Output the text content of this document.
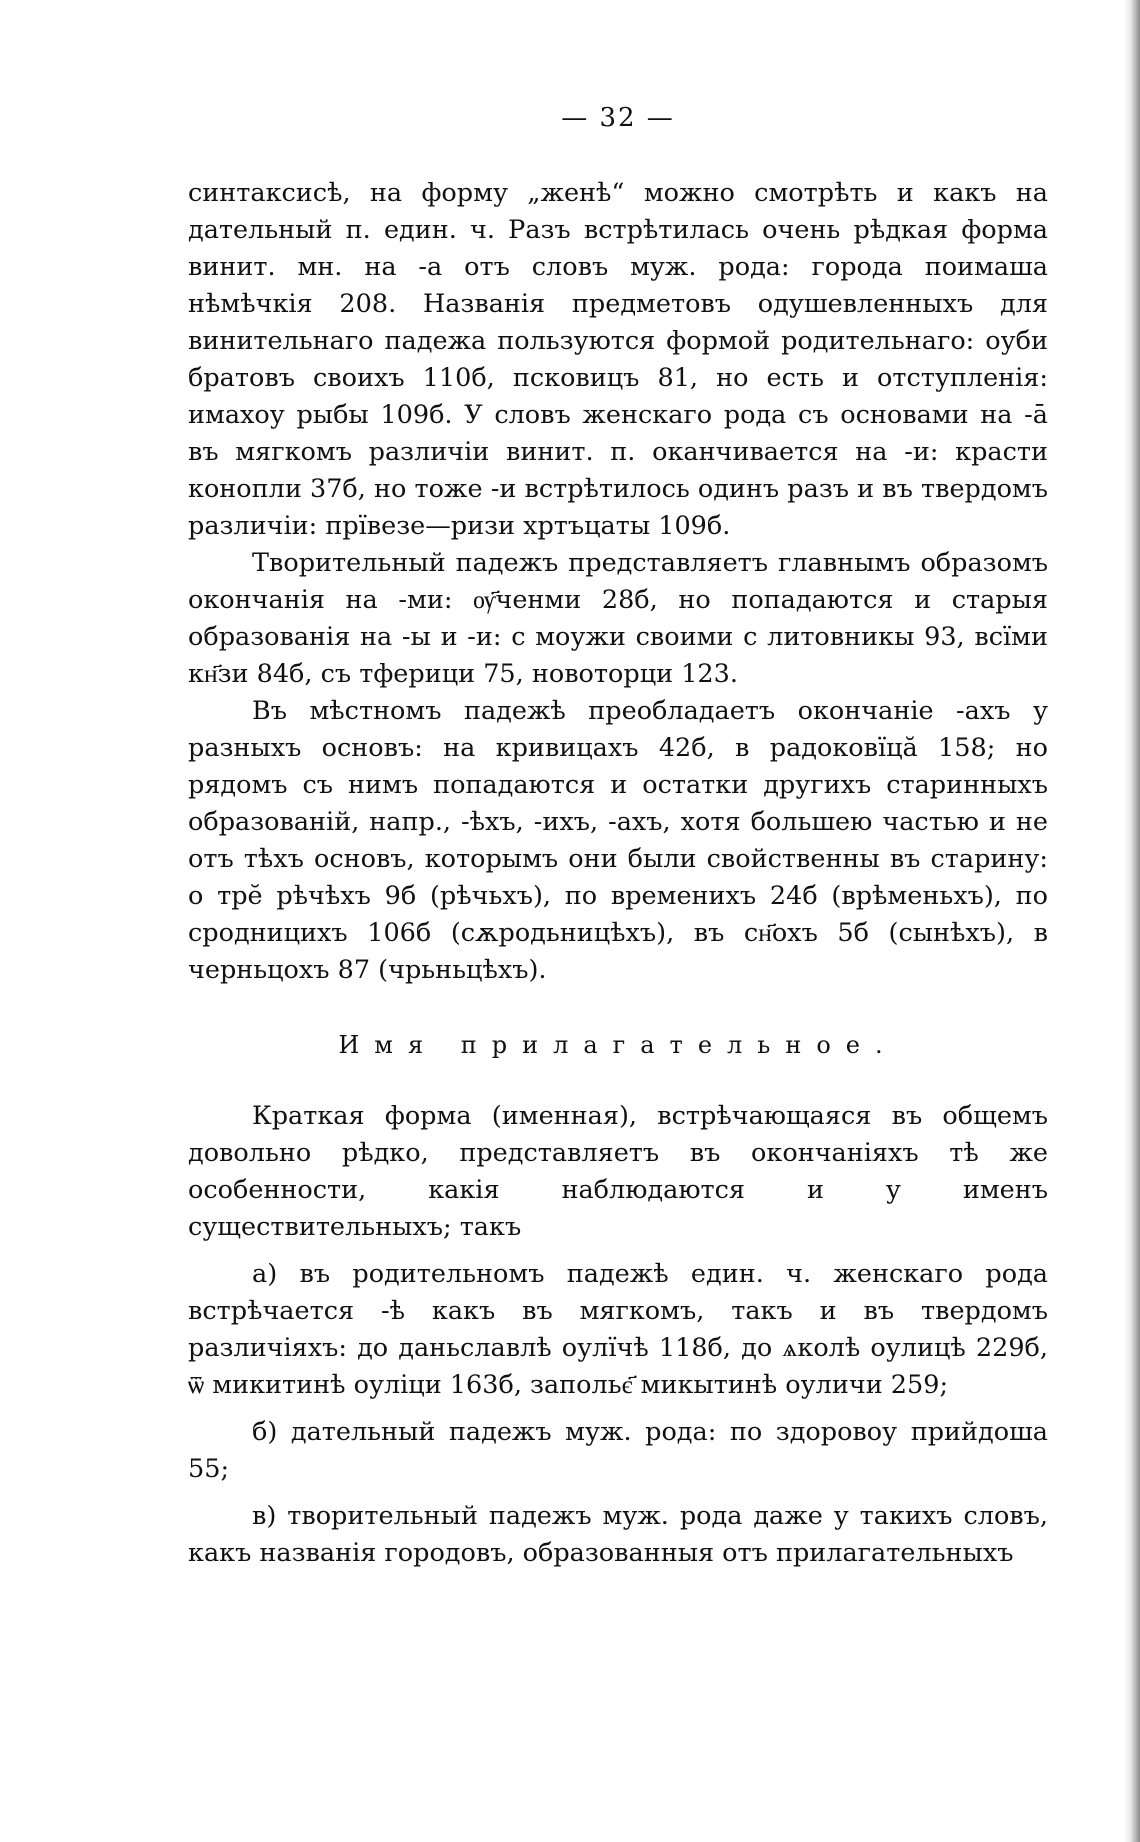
— 32 —

синтаксисѣ, на форму „женѣ“ можно смотрѣть и какъ на дательный п. един. ч. Разъ встрѣтилась очень рѣдкая форма винит. мн. на -а отъ словъ муж. рода: города поимаша нѣмѣчкія 208. Названія предметовъ одушевленныхъ для винительнаго падежа пользуются формой родительнаго: оуби братовъ своихъ 110б, псковицъ 81, но есть и отступленія: имахоу рыбы 109б. У словъ женскаго рода съ основами на -ā въ мягкомъ различіи винит. п. оканчивается на -и: красти конопли 37б, но тоже -и встрѣтилось одинъ разъ и въ твердомъ различіи: прївезе—ризи хртъцаты 109б.

Творительный падежъ представляетъ главнымъ образомъ окончанія на -ми: ѹ҃ченми 28б, но попадаются и старыя образованія на -ы и -и: с моужи своими с литовникы 93, всїми кн҃зи 84б, съ тферици 75, новоторци 123.

Въ мѣстномъ падежѣ преобладаетъ окончаніе -ахъ у разныхъ основъ: на кривицахъ 42б, в радоковїцӑ 158; но рядомъ съ нимъ попадаются и остатки другихъ старинныхъ образованій, напр., -ѣхъ, -ихъ, -ахъ, хотя большею частью и не отъ тѣхъ основъ, которымъ они были свойственны въ старину: о трӗ рѣчѣхъ 9б (рѣчьхъ), по временихъ 24б (врѣменьхъ), по сродницихъ 106б (сѫродьницѣхъ), въ сн҃охъ 5б (сынѣхъ), в черньцохъ 87 (чрьньцѣхъ).

Имя прилагательное.

Краткая форма (именная), встрѣчающаяся въ общемъ довольно рѣдко, представляетъ въ окончаніяхъ тѣ же особенности, какія наблюдаются и у именъ существительныхъ; такъ

а) въ родительномъ падежѣ един. ч. женскаго рода встрѣчается -ѣ какъ въ мягкомъ, такъ и въ твердомъ различіяхъ: до даньславлѣ оулїчѣ 118б, до ѧколѣ оулицѣ 229б, ѿ микитинѣ оуліци 163б, запольє҃ микытинѣ оуличи 259;

б) дательный падежъ муж. рода: по здоровоу прийдоша 55;

в) творительный падежъ муж. рода даже у такихъ словъ, какъ названія городовъ, образованныя отъ прилагательныхъ
